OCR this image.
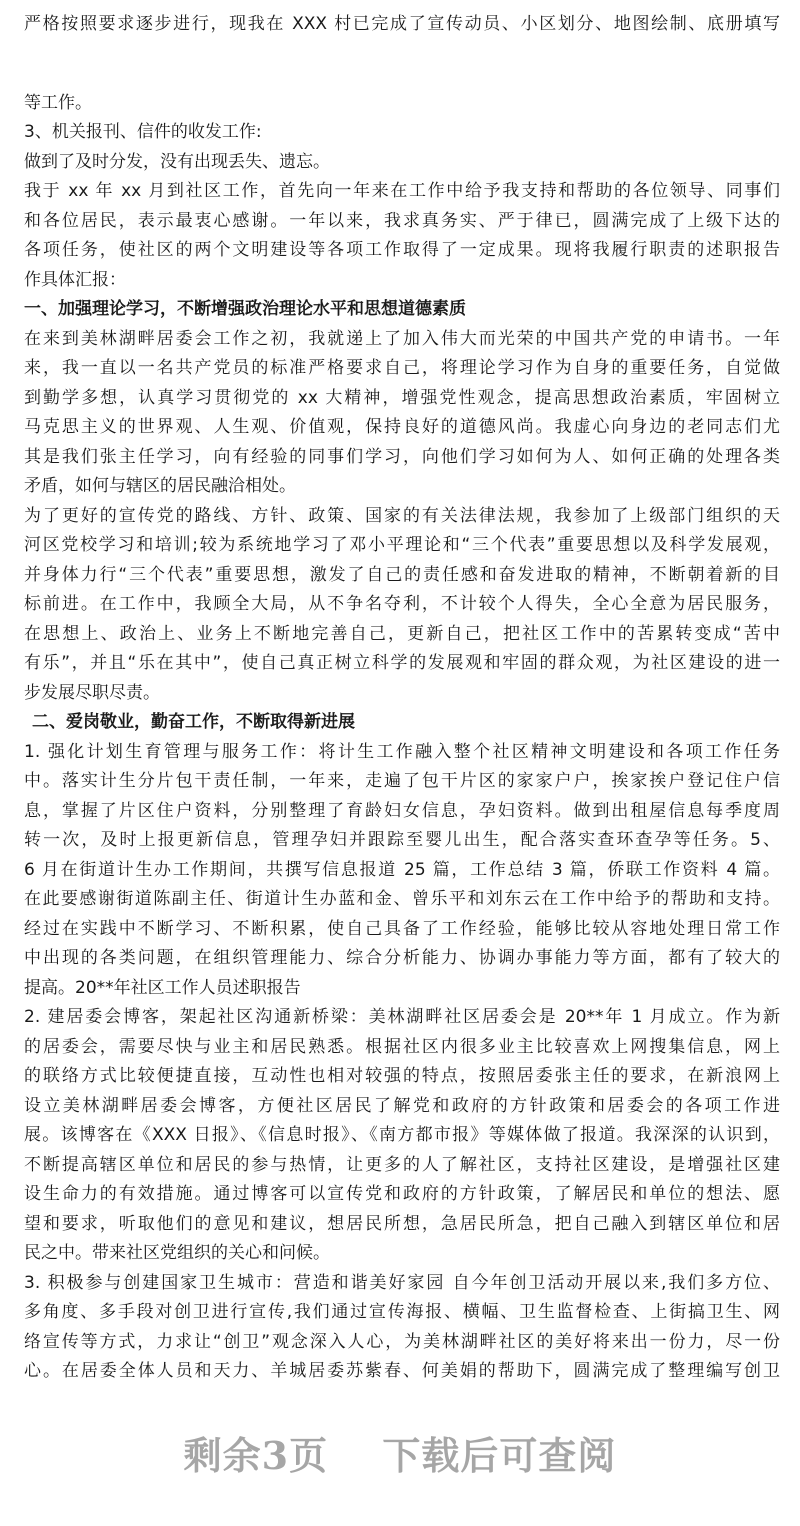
严格按照要求逐步进行，现我在 XXX 村已完成了宣传动员、小区划分、地图绘制、底册填写
等工作。
3、机关报刊、信件的收发工作:
做到了及时分发，没有出现丢失、遗忘。
我于 xx 年 xx 月到社区工作，首先向一年来在工作中给予我支持和帮助的各位领导、同事们
和各位居民，表示最衷心感谢。一年以来，我求真务实、严于律已，圆满完成了上级下达的
各项任务，使社区的两个文明建设等各项工作取得了一定成果。现将我履行职责的述职报告
作具体汇报：
一、加强理论学习，不断增强政治理论水平和思想道德素质
在来到美林湖畔居委会工作之初，我就递上了加入伟大而光荣的中国共产党的申请书。一年
来，我一直以一名共产党员的标准严格要求自己，将理论学习作为自身的重要任务，自觉做
到勤学多想，认真学习贯彻党的 xx 大精神，增强党性观念，提高思想政治素质，牢固树立
马克思主义的世界观、人生观、价值观，保持良好的道德风尚。我虚心向身边的老同志们尤
其是我们张主任学习，向有经验的同事们学习，向他们学习如何为人、如何正确的处理各类
矛盾，如何与辖区的居民融洽相处。
为了更好的宣传党的路线、方针、政策、国家的有关法律法规，我参加了上级部门组织的天
河区党校学习和培训;较为系统地学习了邓小平理论和“三个代表”重要思想以及科学发展观，
并身体力行“三个代表”重要思想，激发了自己的责任感和奋发进取的精神，不断朝着新的目
标前进。在工作中，我顾全大局，从不争名夺利，不计较个人得失，全心全意为居民服务，
在思想上、政治上、业务上不断地完善自己，更新自己，把社区工作中的苦累转变成“苦中
有乐”，并且“乐在其中”，使自己真正树立科学的发展观和牢固的群众观，为社区建设的进一
步发展尽职尽责。
二、爱岗敬业，勤奋工作，不断取得新进展
1. 强化计划生育管理与服务工作：将计生工作融入整个社区精神文明建设和各项工作任务
中。落实计生分片包干责任制，一年来，走遍了包干片区的家家户户，挨家挨户登记住户信
息，掌握了片区住户资料，分别整理了育龄妇女信息，孕妇资料。做到出租屋信息每季度周
转一次，及时上报更新信息，管理孕妇并跟踪至婴儿出生，配合落实查环查孕等任务。5、
6 月在街道计生办工作期间，共撰写信息报道 25 篇，工作总结 3 篇，侨联工作资料 4 篇。
在此要感谢街道陈副主任、街道计生办蓝和金、曾乐平和刘东云在工作中给予的帮助和支持。
经过在实践中不断学习、不断积累，使自己具备了工作经验，能够比较从容地处理日常工作
中出现的各类问题，在组织管理能力、综合分析能力、协调办事能力等方面，都有了较大的
提高。20**年社区工作人员述职报告
2. 建居委会博客，架起社区沟通新桥梁：美林湖畔社区居委会是 20**年 1 月成立。作为新
的居委会，需要尽快与业主和居民熟悉。根据社区内很多业主比较喜欢上网搜集信息，网上
的联络方式比较便捷直接，互动性也相对较强的特点，按照居委张主任的要求，在新浪网上
设立美林湖畔居委会博客，方便社区居民了解党和政府的方针政策和居委会的各项工作进
展。该博客在《XXX 日报》、《信息时报》、《南方都市报》等媒体做了报道。我深深的认识到，
不断提高辖区单位和居民的参与热情，让更多的人了解社区，支持社区建设，是增强社区建
设生命力的有效措施。通过博客可以宣传党和政府的方针政策，了解居民和单位的想法、愿
望和要求，听取他们的意见和建议，想居民所想，急居民所急，把自己融入到辖区单位和居
民之中。带来社区党组织的关心和问候。
3. 积极参与创建国家卫生城市：营造和谐美好家园 自今年创卫活动开展以来,我们多方位、
多角度、多手段对创卫进行宣传,我们通过宣传海报、横幅、卫生监督检查、上街搞卫生、网
络宣传等方式，力求让“创卫”观念深入人心，为美林湖畔社区的美好将来出一份力，尽一份
心。在居委全体人员和天力、羊城居委苏紫春、何美娟的帮助下，圆满完成了整理编写创卫
剩余3页 下载后可查阅
